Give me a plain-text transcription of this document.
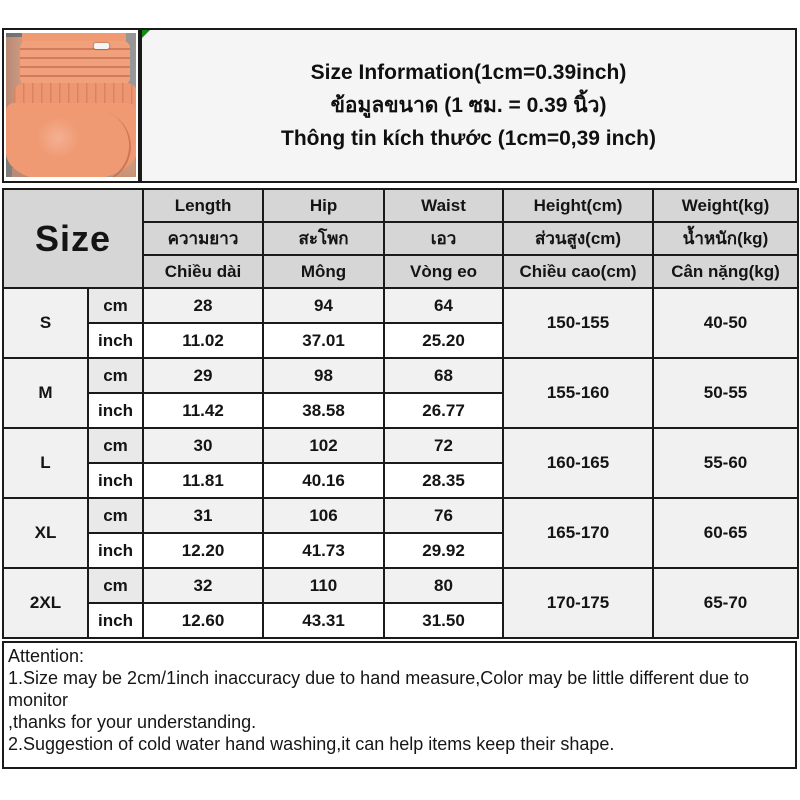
Size Information(1cm=0.39inch)
ข้อมูลขนาด (1 ซม. = 0.39 นิ้ว)
Thông tin kích thước (1cm=0,39 inch)
Size		Length	Hip	Waist	Height(cm)	Weight(kg)
		ความยาว	สะโพก	เอว	ส่วนสูง(cm)	น้ำหนัก(kg)
		Chiều dài	Mông	Vòng eo	Chiều cao(cm)	Cân nặng(kg)
S	cm	28	94	64	150-155	40-50
	inch	11.02	37.01	25.20		
M	cm	29	98	68	155-160	50-55
	inch	11.42	38.58	26.77		
L	cm	30	102	72	160-165	55-60
	inch	11.81	40.16	28.35		
XL	cm	31	106	76	165-170	60-65
	inch	12.20	41.73	29.92		
2XL	cm	32	110	80	170-175	65-70
	inch	12.60	43.31	31.50		
Attention:
1.Size may be 2cm/1inch inaccuracy due to hand measure,Color may be little different due to monitor
,thanks for your understanding.
2.Suggestion of cold water hand washing,it can help items keep their shape.
